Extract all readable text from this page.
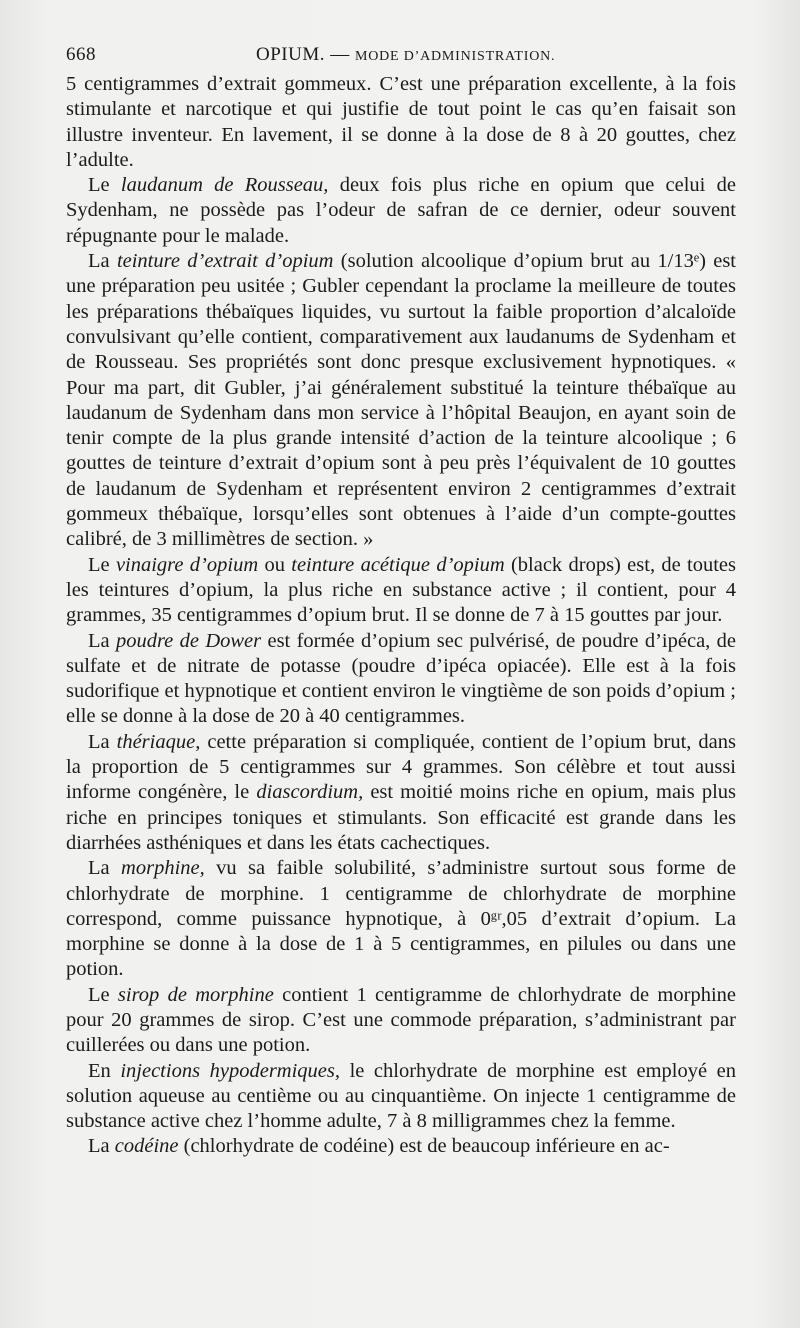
668	OPIUM. — MODE D’ADMINISTRATION.

5 centigrammes d’extrait gommeux. C’est une préparation excellente, à la fois stimulante et narcotique et qui justifie de tout point le cas qu’en faisait son illustre inventeur. En lavement, il se donne à la dose de 8 à 20 gouttes, chez l’adulte.

Le laudanum de Rousseau, deux fois plus riche en opium que celui de Sydenham, ne possède pas l’odeur de safran de ce dernier, odeur souvent répugnante pour le malade.

La teinture d’extrait d’opium (solution alcoolique d’opium brut au 1/13ᵉ) est une préparation peu usitée ; Gubler cependant la proclame la meilleure de toutes les préparations thébaïques liquides, vu surtout la faible proportion d’alcaloïde convulsivant qu’elle contient, comparativement aux laudanums de Sydenham et de Rousseau. Ses propriétés sont donc presque exclusivement hypnotiques. « Pour ma part, dit Gubler, j’ai généralement substitué la teinture thébaïque au laudanum de Sydenham dans mon service à l’hôpital Beaujon, en ayant soin de tenir compte de la plus grande intensité d’action de la teinture alcoolique ; 6 gouttes de teinture d’extrait d’opium sont à peu près l’équivalent de 10 gouttes de laudanum de Sydenham et représentent environ 2 centigrammes d’extrait gommeux thébaïque, lorsqu’elles sont obtenues à l’aide d’un compte-gouttes calibré, de 3 millimètres de section. »

Le vinaigre d’opium ou teinture acétique d’opium (black drops) est, de toutes les teintures d’opium, la plus riche en substance active ; il contient, pour 4 grammes, 35 centigrammes d’opium brut. Il se donne de 7 à 15 gouttes par jour.

La poudre de Dower est formée d’opium sec pulvérisé, de poudre d’ipéca, de sulfate et de nitrate de potasse (poudre d’ipéca opiacée). Elle est à la fois sudorifique et hypnotique et contient environ le vingtième de son poids d’opium ; elle se donne à la dose de 20 à 40 centigrammes.

La thériaque, cette préparation si compliquée, contient de l’opium brut, dans la proportion de 5 centigrammes sur 4 grammes. Son célèbre et tout aussi informe congénère, le diascordium, est moitié moins riche en opium, mais plus riche en principes toniques et stimulants. Son efficacité est grande dans les diarrhées asthéniques et dans les états cachectiques.

La morphine, vu sa faible solubilité, s’administre surtout sous forme de chlorhydrate de morphine. 1 centigramme de chlorhydrate de morphine correspond, comme puissance hypnotique, à 0ᵍʳ,05 d’extrait d’opium. La morphine se donne à la dose de 1 à 5 centigrammes, en pilules ou dans une potion.

Le sirop de morphine contient 1 centigramme de chlorhydrate de morphine pour 20 grammes de sirop. C’est une commode préparation, s’administrant par cuillerées ou dans une potion.

En injections hypodermiques, le chlorhydrate de morphine est employé en solution aqueuse au centième ou au cinquantième. On injecte 1 centigramme de substance active chez l’homme adulte, 7 à 8 milligrammes chez la femme.

La codéine (chlorhydrate de codéine) est de beaucoup inférieure en ac-
